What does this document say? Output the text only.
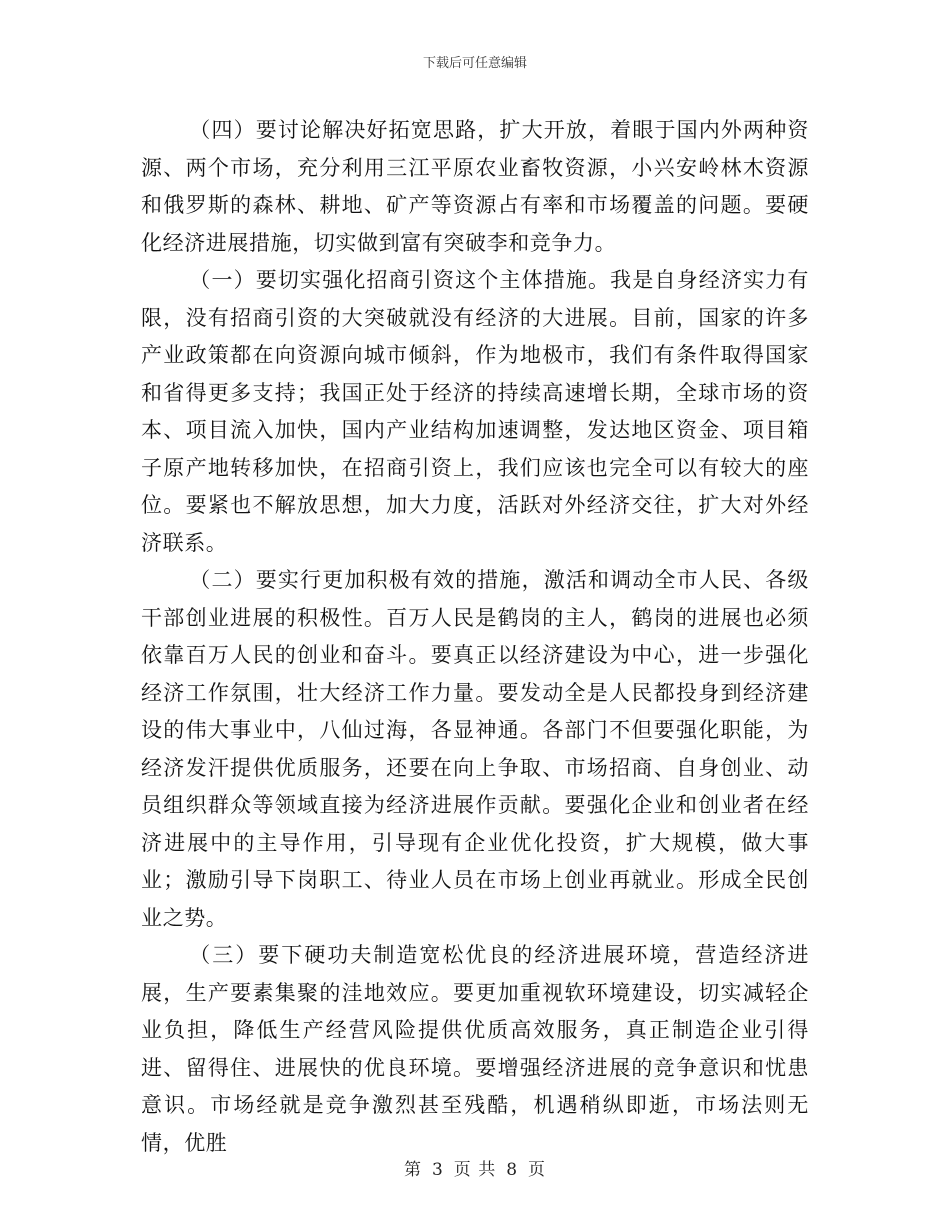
下载后可任意编辑

（四）要讨论解决好拓宽思路，扩大开放，着眼于国内外两种资源、两个市场，充分利用三江平原农业畜牧资源，小兴安岭林木资源和俄罗斯的森林、耕地、矿产等资源占有率和市场覆盖的问题。要硬化经济进展措施，切实做到富有突破李和竞争力。

（一）要切实强化招商引资这个主体措施。我是自身经济实力有限，没有招商引资的大突破就没有经济的大进展。目前，国家的许多产业政策都在向资源向城市倾斜，作为地极市，我们有条件取得国家和省得更多支持；我国正处于经济的持续高速增长期，全球市场的资本、项目流入加快，国内产业结构加速调整，发达地区资金、项目箱子原产地转移加快，在招商引资上，我们应该也完全可以有较大的座位。要紧也不解放思想，加大力度，活跃对外经济交往，扩大对外经济联系。

（二）要实行更加积极有效的措施，激活和调动全市人民、各级干部创业进展的积极性。百万人民是鹤岗的主人，鹤岗的进展也必须依靠百万人民的创业和奋斗。要真正以经济建设为中心，进一步强化经济工作氛围，壮大经济工作力量。要发动全是人民都投身到经济建设的伟大事业中，八仙过海，各显神通。各部门不但要强化职能，为经济发汗提供优质服务，还要在向上争取、市场招商、自身创业、动员组织群众等领域直接为经济进展作贡献。要强化企业和创业者在经济进展中的主导作用，引导现有企业优化投资，扩大规模，做大事业；激励引导下岗职工、待业人员在市场上创业再就业。形成全民创业之势。

（三）要下硬功夫制造宽松优良的经济进展环境，营造经济进展，生产要素集聚的洼地效应。要更加重视软环境建设，切实减轻企业负担，降低生产经营风险提供优质高效服务，真正制造企业引得进、留得住、进展快的优良环境。要增强经济进展的竞争意识和忧患意识。市场经就是竞争激烈甚至残酷，机遇稍纵即逝，市场法则无情，优胜

第 3 页 共 8 页
